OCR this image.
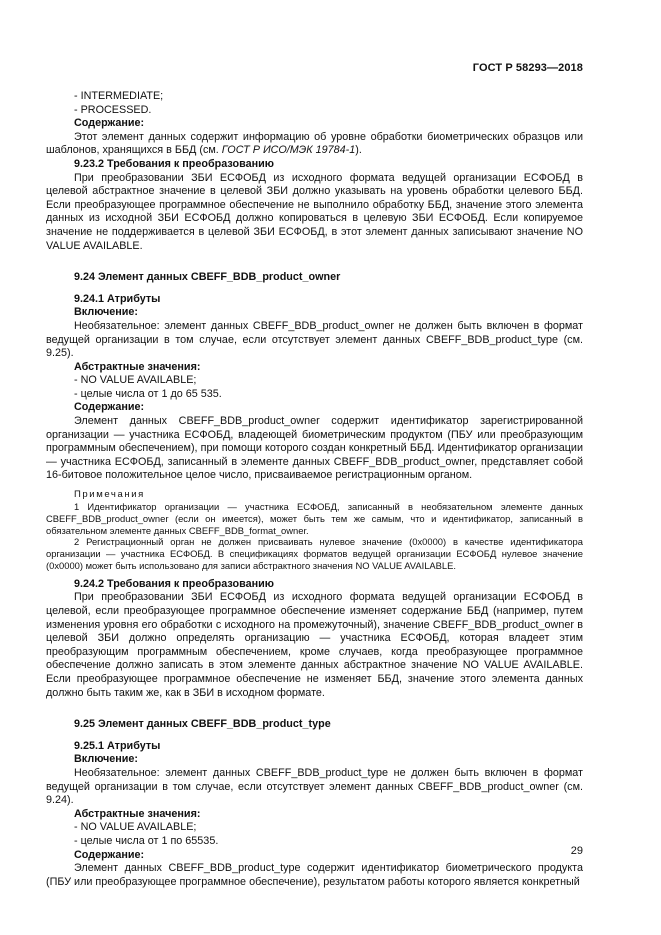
ГОСТ Р 58293—2018
- INTERMEDIATE;
- PROCESSED.
Содержание:

Этот элемент данных содержит информацию об уровне обработки биометрических образцов или шаблонов, хранящихся в ББД (см. ГОСТ Р ИСО/МЭК 19784-1).

9.23.2 Требования к преобразованию

При преобразовании ЗБИ ЕСФОБД из исходного формата ведущей организации ЕСФОБД в целевой абстрактное значение в целевой ЗБИ должно указывать на уровень обработки целевого ББД. Если преобразующее программное обеспечение не выполнило обработку ББД, значение этого элемента данных из исходной ЗБИ ЕСФОБД должно копироваться в целевую ЗБИ ЕСФОБД. Если копируемое значение не поддерживается в целевой ЗБИ ЕСФОБД, в этот элемент данных записывают значение NO VALUE AVAILABLE.

9.24 Элемент данных CBEFF_BDB_product_owner
9.24.1 Атрибуты
Включение:

Необязательное: элемент данных CBEFF_BDB_product_owner не должен быть включен в формат ведущей организации в том случае, если отсутствует элемент данных CBEFF_BDB_product_type (см. 9.25).

Абстрактные значения:
- NO VALUE AVAILABLE;
- целые числа от 1 до 65 535.
Содержание:

Элемент данных CBEFF_BDB_product_owner содержит идентификатор зарегистрированной организации — участника ЕСФОБД, владеющей биометрическим продуктом (ПБУ или преобразующим программным обеспечением), при помощи которого создан конкретный ББД. Идентификатор организации — участника ЕСФОБД, записанный в элементе данных CBEFF_BDB_product_owner, представляет собой 16-битовое положительное целое число, присваиваемое регистрационным органом.

Примечания

1 Идентификатор организации — участника ЕСФОБД, записанный в необязательном элементе данных CBEFF_BDB_product_owner (если он имеется), может быть тем же самым, что и идентификатор, записанный в обязательном элементе данных CBEFF_BDB_format_owner.

2 Регистрационный орган не должен присваивать нулевое значение (0x0000) в качестве идентификатора организации — участника ЕСФОБД. В спецификациях форматов ведущей организации ЕСФОБД нулевое значение (0x0000) может быть использовано для записи абстрактного значения NO VALUE AVAILABLE.

9.24.2 Требования к преобразованию

При преобразовании ЗБИ ЕСФОБД из исходного формата ведущей организации ЕСФОБД в целевой, если преобразующее программное обеспечение изменяет содержание ББД (например, путем изменения уровня его обработки с исходного на промежуточный), значение CBEFF_BDB_product_owner в целевой ЗБИ должно определять организацию — участника ЕСФОБД, которая владеет этим преобразующим программным обеспечением, кроме случаев, когда преобразующее программное обеспечение должно записать в этом элементе данных абстрактное значение NO VALUE AVAILABLE. Если преобразующее программное обеспечение не изменяет ББД, значение этого элемента данных должно быть таким же, как в ЗБИ в исходном формате.

9.25 Элемент данных CBEFF_BDB_product_type
9.25.1 Атрибуты
Включение:

Необязательное: элемент данных CBEFF_BDB_product_type не должен быть включен в формат ведущей организации в том случае, если отсутствует элемент данных CBEFF_BDB_product_owner (см. 9.24).

Абстрактные значения:
- NO VALUE AVAILABLE;
- целые числа от 1 по 65535.
Содержание:

Элемент данных CBEFF_BDB_product_type содержит идентификатор биометрического продукта (ПБУ или преобразующее программное обеспечение), результатом работы которого является конкретный

29
